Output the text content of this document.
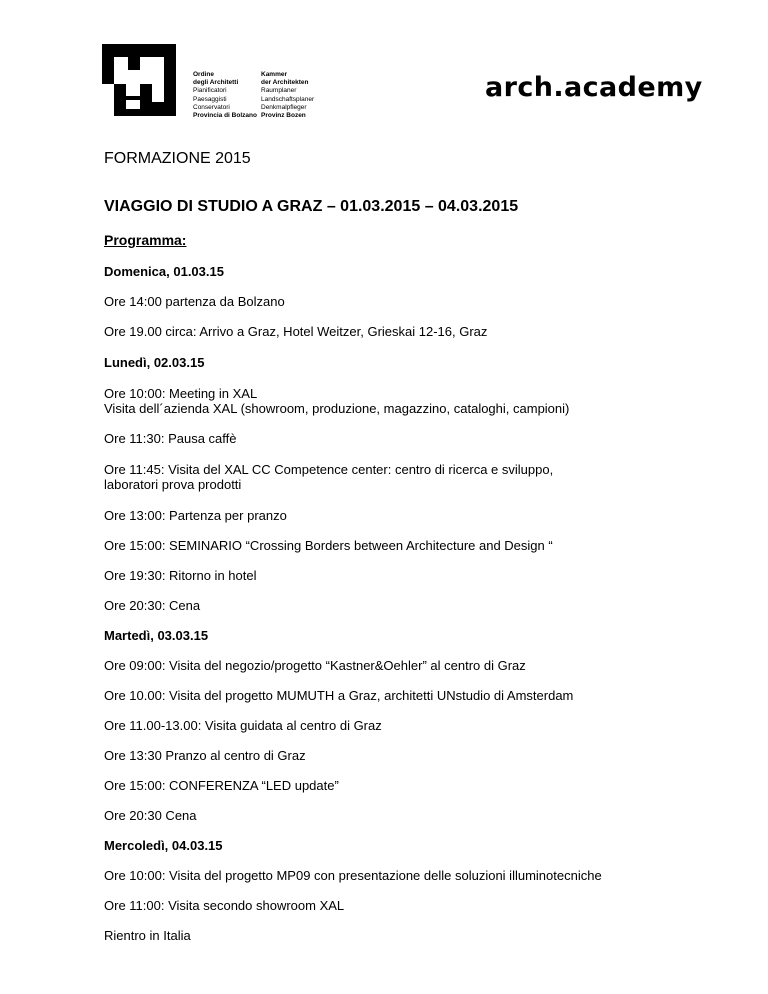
Ordine
degli Architetti
Pianificatori
Paesaggisti
Conservatori
Provincia di Bolzano
Kammer
der Architekten
Raumplaner
Landschaftsplaner
Denkmalpfleger
Provinz Bozen
arch.academy
FORMAZIONE 2015
VIAGGIO DI STUDIO A GRAZ – 01.03.2015 – 04.03.2015
Programma:
Domenica, 01.03.15
Ore 14:00 partenza da Bolzano
Ore 19.00 circa: Arrivo a Graz, Hotel Weitzer, Grieskai 12-16, Graz
Lunedì, 02.03.15
Ore 10:00: Meeting in XAL
Visita dell´azienda XAL (showroom, produzione, magazzino, cataloghi, campioni)
Ore 11:30: Pausa caffè
Ore 11:45: Visita del XAL CC Competence center: centro di ricerca e sviluppo,
laboratori prova prodotti
Ore 13:00: Partenza per pranzo
Ore 15:00: SEMINARIO “Crossing Borders between Architecture and Design “
Ore 19:30: Ritorno in hotel
Ore 20:30: Cena
Martedì, 03.03.15
Ore 09:00: Visita del negozio/progetto “Kastner&Oehler” al centro di Graz
Ore 10.00: Visita del progetto MUMUTH a Graz, architetti UNstudio di Amsterdam
Ore 11.00-13.00: Visita guidata al centro di Graz
Ore 13:30 Pranzo al centro di Graz
Ore 15:00: CONFERENZA “LED update”
Ore 20:30 Cena
Mercoledì, 04.03.15
Ore 10:00: Visita del progetto MP09 con presentazione delle soluzioni illuminotecniche
Ore 11:00: Visita secondo showroom XAL
Rientro in Italia
